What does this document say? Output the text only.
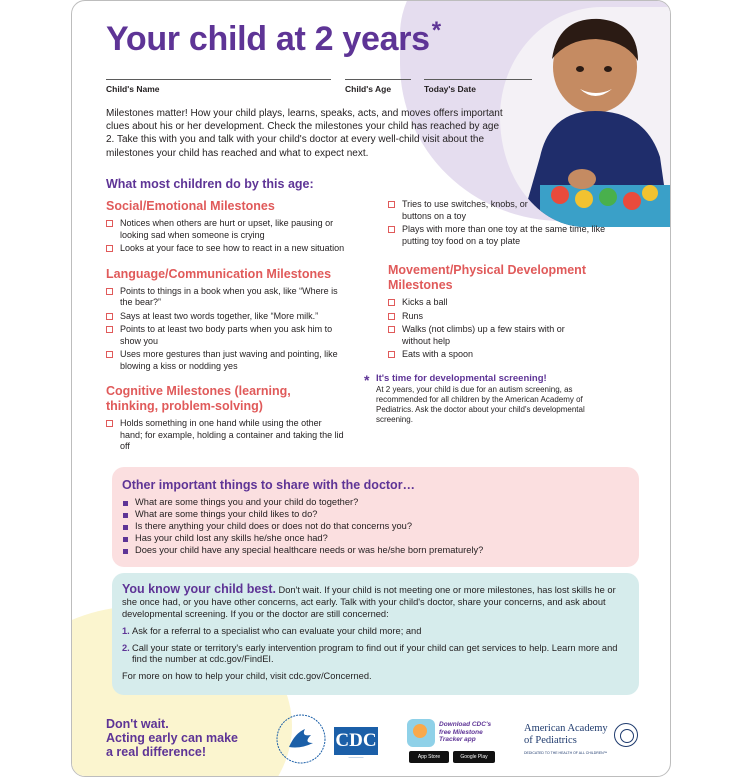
Your child at 2 years*
Child's Name	Child's Age	Today's Date

Milestones matter! How your child plays, learns, speaks, acts, and moves offers important clues about his or her development. Check the milestones your child has reached by age 2. Take this with you and talk with your child's doctor at every well-child visit about the milestones your child has reached and what to expect next.

What most children do by this age:
Social/Emotional Milestones
Notices when others are hurt or upset, like pausing or looking sad when someone is crying
Looks at your face to see how to react in a new situation
Language/Communication Milestones
Points to things in a book when you ask, like “Where is the bear?”
Says at least two words together, like “More milk.”
Points to at least two body parts when you ask him to show you
Uses more gestures than just waving and pointing, like blowing a kiss or nodding yes
Cognitive Milestones (learning, thinking, problem-solving)
Holds something in one hand while using the other hand; for example, holding a container and taking the lid off
Tries to use switches, knobs, or buttons on a toy
Plays with more than one toy at the same time, like putting toy food on a toy plate
Movement/Physical Development Milestones
Kicks a ball
Runs
Walks (not climbs) up a few stairs with or without help
Eats with a spoon
* It's time for developmental screening!
At 2 years, your child is due for an autism screening, as recommended for all children by the American Academy of Pediatrics. Ask the doctor about your child's developmental screening.
Other important things to share with the doctor…
What are some things you and your child do together?
What are some things your child likes to do?
Is there anything your child does or does not do that concerns you?
Has your child lost any skills he/she once had?
Does your child have any special healthcare needs or was he/she born prematurely?

You know your child best. Don't wait. If your child is not meeting one or more milestones, has lost skills he or she once had, or you have other concerns, act early. Talk with your child's doctor, share your concerns, and ask about developmental screening. If you or the doctor are still concerned:

1. Ask for a referral to a specialist who can evaluate your child more; and
2. Call your state or territory's early intervention program to find out if your child can get services to help. Learn more and find the number at cdc.gov/FindEI.

For more on how to help your child, visit cdc.gov/Concerned.

Don't wait.
Acting early can make
a real difference!
CDC
──────
Download CDC's free Milestone Tracker app
App Store	Google Play
American Academy of Pediatrics
DEDICATED TO THE HEALTH OF ALL CHILDREN™
